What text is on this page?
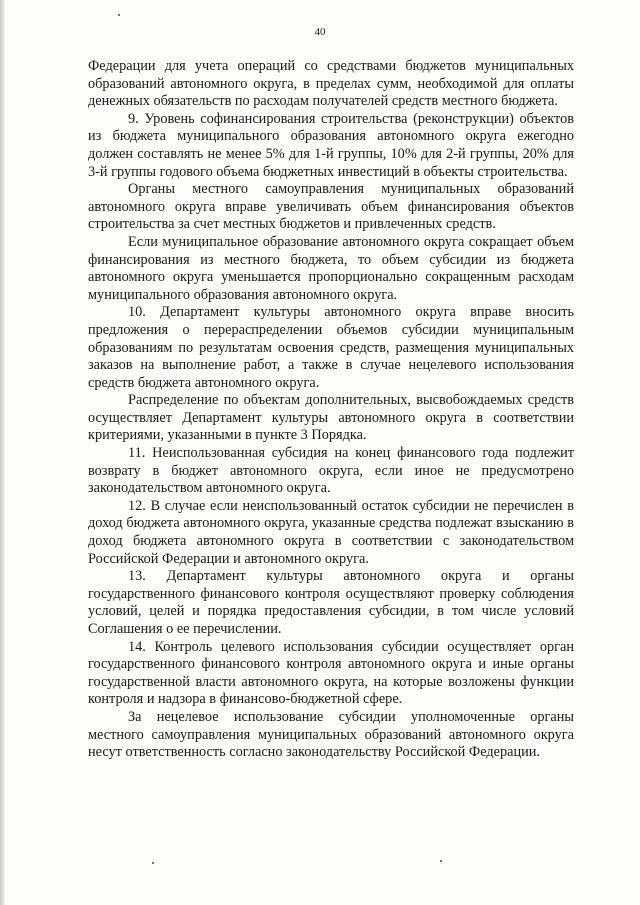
40

Федерации для учета операций со средствами бюджетов муниципальных образований автономного округа, в пределах сумм, необходимой для оплаты денежных обязательств по расходам получателей средств местного бюджета.

9. Уровень софинансирования строительства (реконструкции) объектов из бюджета муниципального образования автономного округа ежегодно должен составлять не менее 5% для 1-й группы, 10% для 2-й группы, 20% для 3-й группы годового объема бюджетных инвестиций в объекты строительства.

Органы местного самоуправления муниципальных образований автономного округа вправе увеличивать объем финансирования объектов строительства за счет местных бюджетов и привлеченных средств.

Если муниципальное образование автономного округа сокращает объем финансирования из местного бюджета, то объем субсидии из бюджета автономного округа уменьшается пропорционально сокращенным расходам муниципального образования автономного округа.

10. Департамент культуры автономного округа вправе вносить предложения о перераспределении объемов субсидии муниципальным образованиям по результатам освоения средств, размещения муниципальных заказов на выполнение работ, а также в случае нецелевого использования средств бюджета автономного округа.

Распределение по объектам дополнительных, высвобождаемых средств осуществляет Департамент культуры автономного округа в соответствии критериями, указанными в пункте 3 Порядка.

11. Неиспользованная субсидия на конец финансового года подлежит возврату в бюджет автономного округа, если иное не предусмотрено законодательством автономного округа.

12. В случае если неиспользованный остаток субсидии не перечислен в доход бюджета автономного округа, указанные средства подлежат взысканию в доход бюджета автономного округа в соответствии с законодательством Российской Федерации и автономного округа.

13. Департамент культуры автономного округа и органы государственного финансового контроля осуществляют проверку соблюдения условий, целей и порядка предоставления субсидии, в том числе условий Соглашения о ее перечислении.

14. Контроль целевого использования субсидии осуществляет орган государственного финансового контроля автономного округа и иные органы государственной власти автономного округа, на которые возложены функции контроля и надзора в финансово-бюджетной сфере.

За нецелевое использование субсидии уполномоченные органы местного самоуправления муниципальных образований автономного округа несут ответственность согласно законодательству Российской Федерации.
